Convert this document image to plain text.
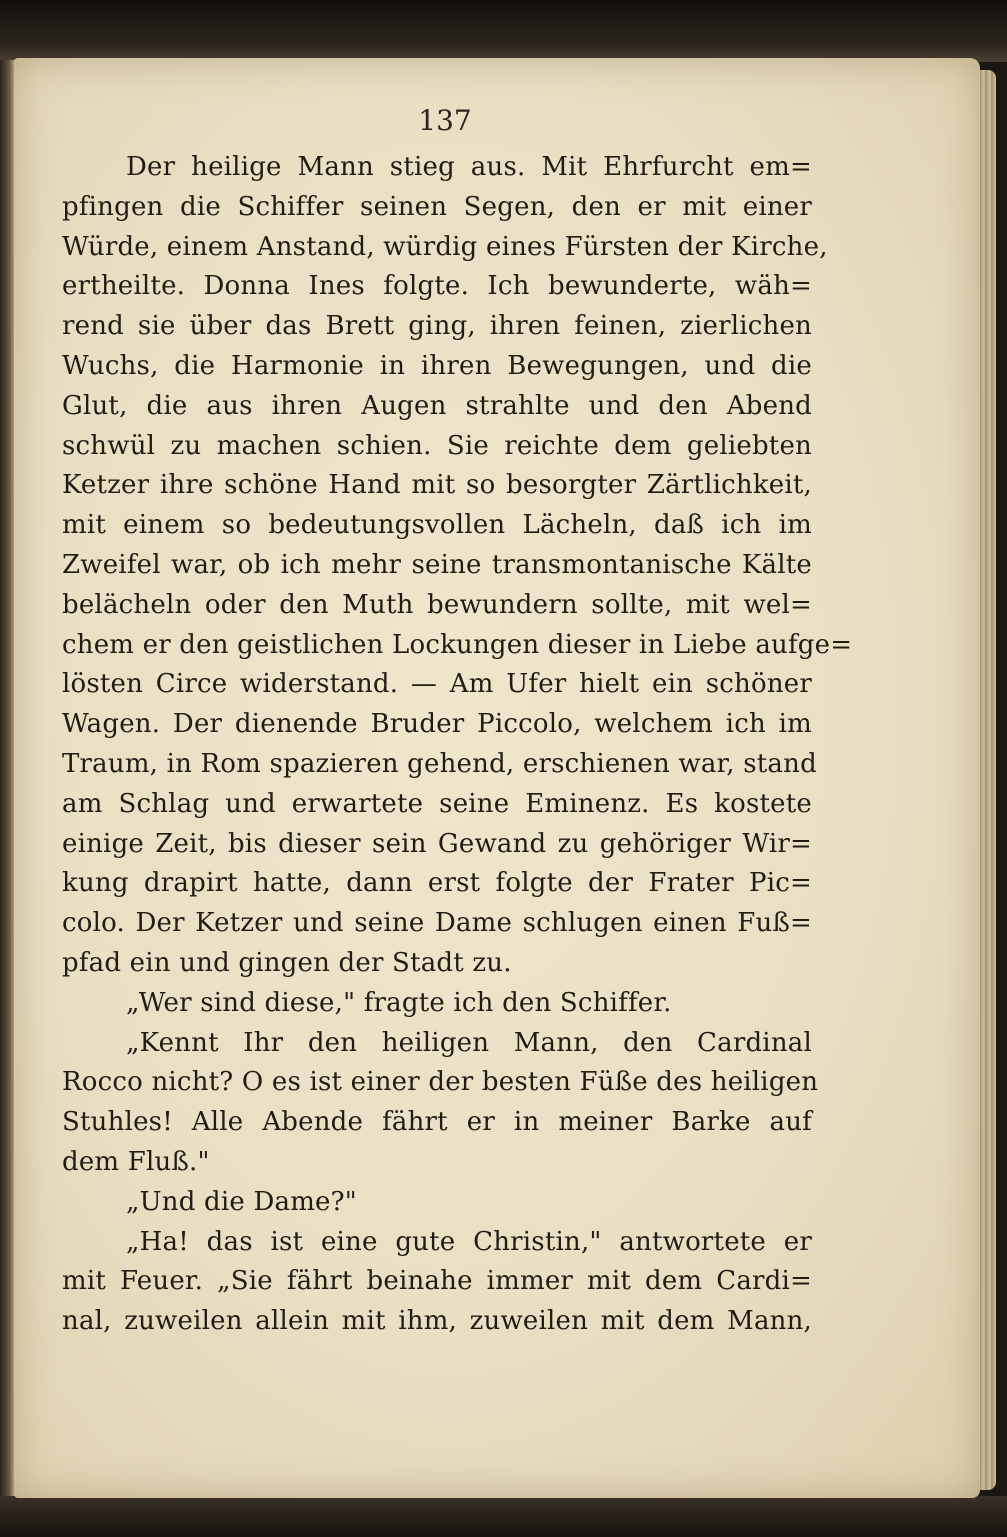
137
Der heilige Mann stieg aus. Mit Ehrfurcht em=
pfingen die Schiffer seinen Segen, den er mit einer
Würde, einem Anstand, würdig eines Fürsten der Kirche,
ertheilte. Donna Ines folgte. Ich bewunderte, wäh=
rend sie über das Brett ging, ihren feinen, zierlichen
Wuchs, die Harmonie in ihren Bewegungen, und die
Glut, die aus ihren Augen strahlte und den Abend
schwül zu machen schien. Sie reichte dem geliebten
Ketzer ihre schöne Hand mit so besorgter Zärtlichkeit,
mit einem so bedeutungsvollen Lächeln, daß ich im
Zweifel war, ob ich mehr seine transmontanische Kälte
belächeln oder den Muth bewundern sollte, mit wel=
chem er den geistlichen Lockungen dieser in Liebe aufge=
lösten Circe widerstand. — Am Ufer hielt ein schöner
Wagen. Der dienende Bruder Piccolo, welchem ich im
Traum, in Rom spazieren gehend, erschienen war, stand
am Schlag und erwartete seine Eminenz. Es kostete
einige Zeit, bis dieser sein Gewand zu gehöriger Wir=
kung drapirt hatte, dann erst folgte der Frater Pic=
colo. Der Ketzer und seine Dame schlugen einen Fuß=
pfad ein und gingen der Stadt zu.
„Wer sind diese," fragte ich den Schiffer.
„Kennt Ihr den heiligen Mann, den Cardinal
Rocco nicht? O es ist einer der besten Füße des heiligen
Stuhles! Alle Abende fährt er in meiner Barke auf
dem Fluß."
„Und die Dame?"
„Ha! das ist eine gute Christin," antwortete er
mit Feuer. „Sie fährt beinahe immer mit dem Cardi=
nal, zuweilen allein mit ihm, zuweilen mit dem Mann,
